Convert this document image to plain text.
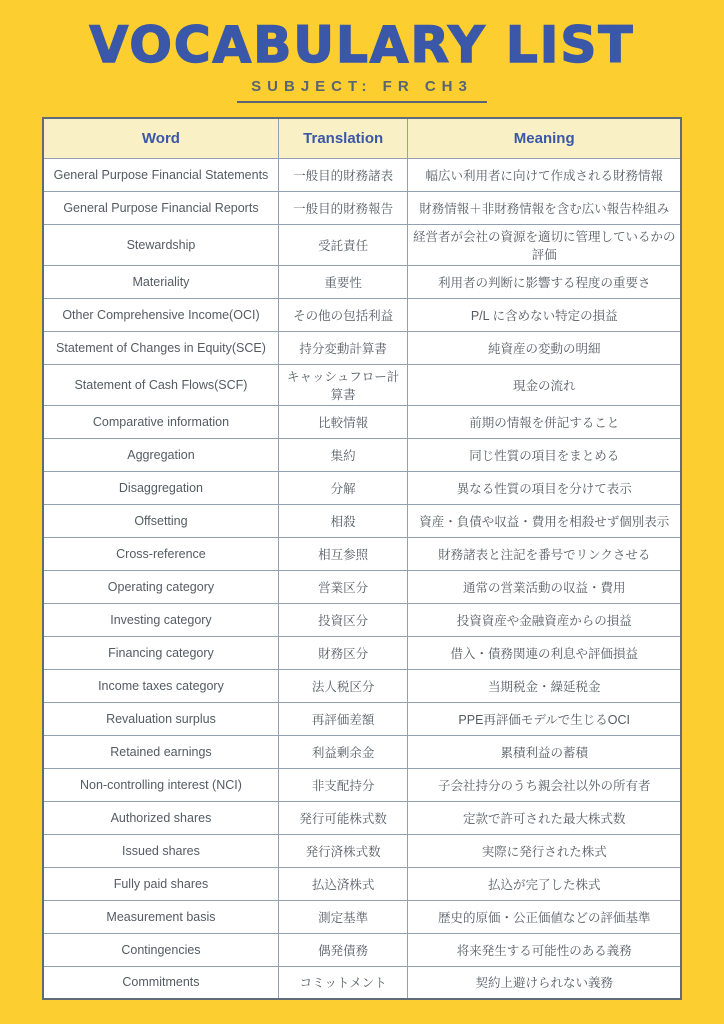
VOCABULARY LIST
SUBJECT: FR CH3
Word	Translation	Meaning
General Purpose Financial Statements	一般目的財務諸表	幅広い利用者に向けて作成される財務情報
General Purpose Financial Reports	一般目的財務報告	財務情報＋非財務情報を含む広い報告枠組み
Stewardship	受託責任	経営者が会社の資源を適切に管理しているかの評価
Materiality	重要性	利用者の判断に影響する程度の重要さ
Other Comprehensive Income(OCI)	その他の包括利益	P/L に含めない特定の損益
Statement of Changes in Equity(SCE)	持分変動計算書	純資産の変動の明細
Statement of Cash Flows(SCF)	キャッシュフロー計算書	現金の流れ
Comparative information	比較情報	前期の情報を併記すること
Aggregation	集約	同じ性質の項目をまとめる
Disaggregation	分解	異なる性質の項目を分けて表示
Offsetting	相殺	資産・負債や収益・費用を相殺せず個別表示
Cross-reference	相互参照	財務諸表と注記を番号でリンクさせる
Operating category	営業区分	通常の営業活動の収益・費用
Investing category	投資区分	投資資産や金融資産からの損益
Financing category	財務区分	借入・債務関連の利息や評価損益
Income taxes category	法人税区分	当期税金・繰延税金
Revaluation surplus	再評価差額	PPE再評価モデルで生じるOCI
Retained earnings	利益剰余金	累積利益の蓄積
Non-controlling interest (NCI)	非支配持分	子会社持分のうち親会社以外の所有者
Authorized shares	発行可能株式数	定款で許可された最大株式数
Issued shares	発行済株式数	実際に発行された株式
Fully paid shares	払込済株式	払込が完了した株式
Measurement basis	測定基準	歴史的原価・公正価値などの評価基準
Contingencies	偶発債務	将来発生する可能性のある義務
Commitments	コミットメント	契約上避けられない義務
